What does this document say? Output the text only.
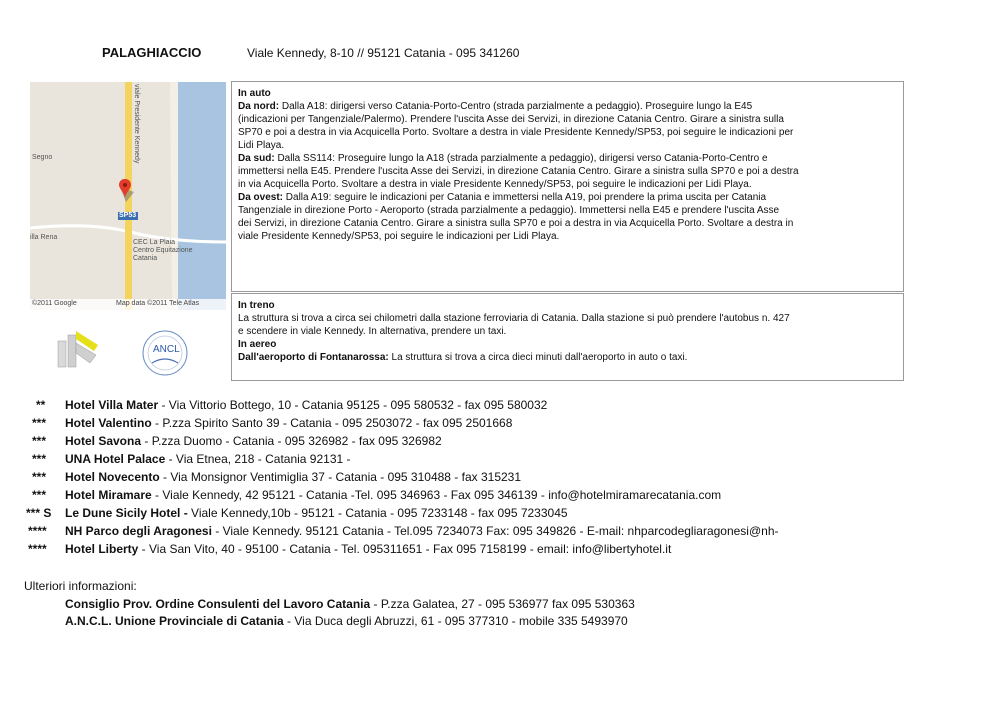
PALAGHIACCIO	Viale Kennedy, 8-10 // 95121 Catania - 095 341260
viale Presidente Kennedy
Segno
SP53
illa Rena
CEC La Plaia
Centro Equitazione
Catania
©2011 Google	Map data ©2011 Tele Atlas
In auto
Da nord: Dalla A18: dirigersi verso Catania-Porto-Centro (strada parzialmente a pedaggio). Proseguire lungo la E45
(indicazioni per Tangenziale/Palermo). Prendere l'uscita Asse dei Servizi, in direzione Catania Centro. Girare a sinistra sulla
SP70 e poi a destra in via Acquicella Porto. Svoltare a destra in viale Presidente Kennedy/SP53, poi seguire le indicazioni per
Lidi Playa.
Da sud: Dalla SS114: Proseguire lungo la A18 (strada parzialmente a pedaggio), dirigersi verso Catania-Porto-Centro e
immettersi nella E45. Prendere l'uscita Asse dei Servizi, in direzione Catania Centro. Girare a sinistra sulla SP70 e poi a destra
in via Acquicella Porto. Svoltare a destra in viale Presidente Kennedy/SP53, poi seguire le indicazioni per Lidi Playa.
Da ovest: Dalla A19: seguire le indicazioni per Catania e immettersi nella A19, poi prendere la prima uscita per Catania
Tangenziale in direzione Porto - Aeroporto (strada parzialmente a pedaggio). Immettersi nella E45 e prendere l'uscita Asse
dei Servizi, in direzione Catania Centro. Girare a sinistra sulla SP70 e poi a destra in via Acquicella Porto. Svoltare a destra in
viale Presidente Kennedy/SP53, poi seguire le indicazioni per Lidi Playa.
In treno
La struttura si trova a circa sei chilometri dalla stazione ferroviaria di Catania. Dalla stazione si può prendere l'autobus n. 427
e scendere in viale Kennedy. In alternativa, prendere un taxi.
In aereo
Dall'aeroporto di Fontanarossa: La struttura si trova a circa dieci minuti dall'aeroporto in auto o taxi.
ANCL
** Hotel Villa Mater - Via Vittorio Bottego, 10 - Catania 95125 - 095 580532 - fax 095 580032
*** Hotel Valentino - P.zza Spirito Santo 39 - Catania - 095 2503072 - fax 095 2501668
*** Hotel Savona - P.zza Duomo - Catania - 095 326982 - fax 095 326982
*** UNA Hotel Palace - Via Etnea, 218 - Catania 92131 -
*** Hotel Novecento - Via Monsignor Ventimiglia 37 - Catania - 095 310488 - fax 315231
*** Hotel Miramare - Viale Kennedy, 42 95121 - Catania -Tel. 095 346963 - Fax 095 346139 - info@hotelmiramarecatania.com
*** S Le Dune Sicily Hotel - Viale Kennedy,10b - 95121 - Catania - 095 7233148 - fax 095 7233045
**** NH Parco degli Aragonesi - Viale Kennedy. 95121 Catania - Tel.095 7234073 Fax: 095 349826 - E-mail: nhparcodegliaragonesi@nh-
**** Hotel Liberty - Via San Vito, 40 - 95100 - Catania - Tel. 095311651 - Fax 095 7158199 - email: info@libertyhotel.it
Ulteriori informazioni:
Consiglio Prov. Ordine Consulenti del Lavoro Catania - P.zza Galatea, 27 - 095 536977 fax 095 530363
A.N.C.L. Unione Provinciale di Catania - Via Duca degli Abruzzi, 61 - 095 377310 - mobile 335 5493970
